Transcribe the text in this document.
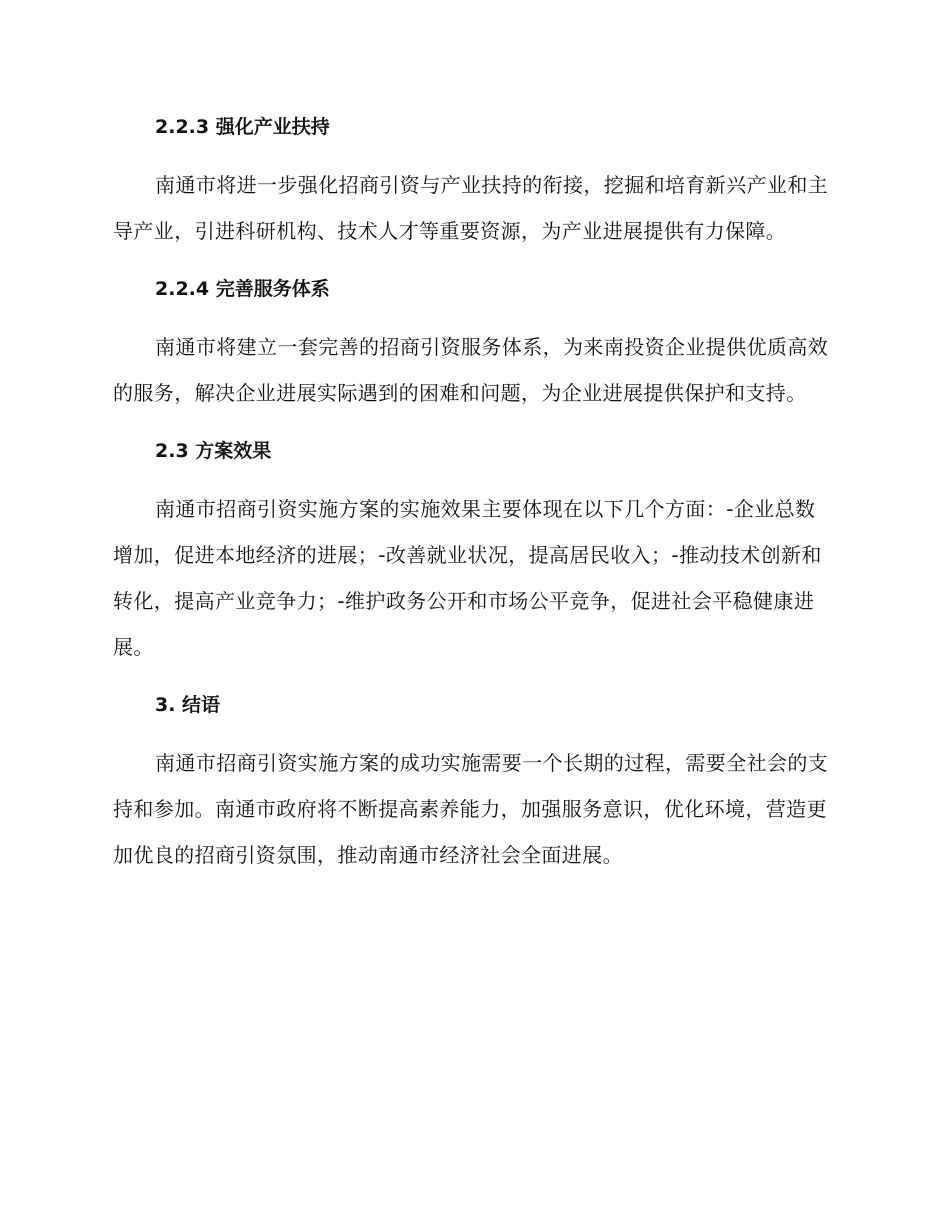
2.2.3 强化产业扶持

南通市将进一步强化招商引资与产业扶持的衔接，挖掘和培育新兴产业和主导产业，引进科研机构、技术人才等重要资源，为产业进展提供有力保障。

2.2.4 完善服务体系

南通市将建立一套完善的招商引资服务体系，为来南投资企业提供优质高效的服务，解决企业进展实际遇到的困难和问题，为企业进展提供保护和支持。

2.3 方案效果

南通市招商引资实施方案的实施效果主要体现在以下几个方面：‐企业总数增加，促进本地经济的进展；‐改善就业状况，提高居民收入；‐推动技术创新和转化，提高产业竞争力；‐维护政务公开和市场公平竞争，促进社会平稳健康进展。

3. 结语

南通市招商引资实施方案的成功实施需要一个长期的过程，需要全社会的支持和参加。南通市政府将不断提高素养能力，加强服务意识，优化环境，营造更加优良的招商引资氛围，推动南通市经济社会全面进展。
